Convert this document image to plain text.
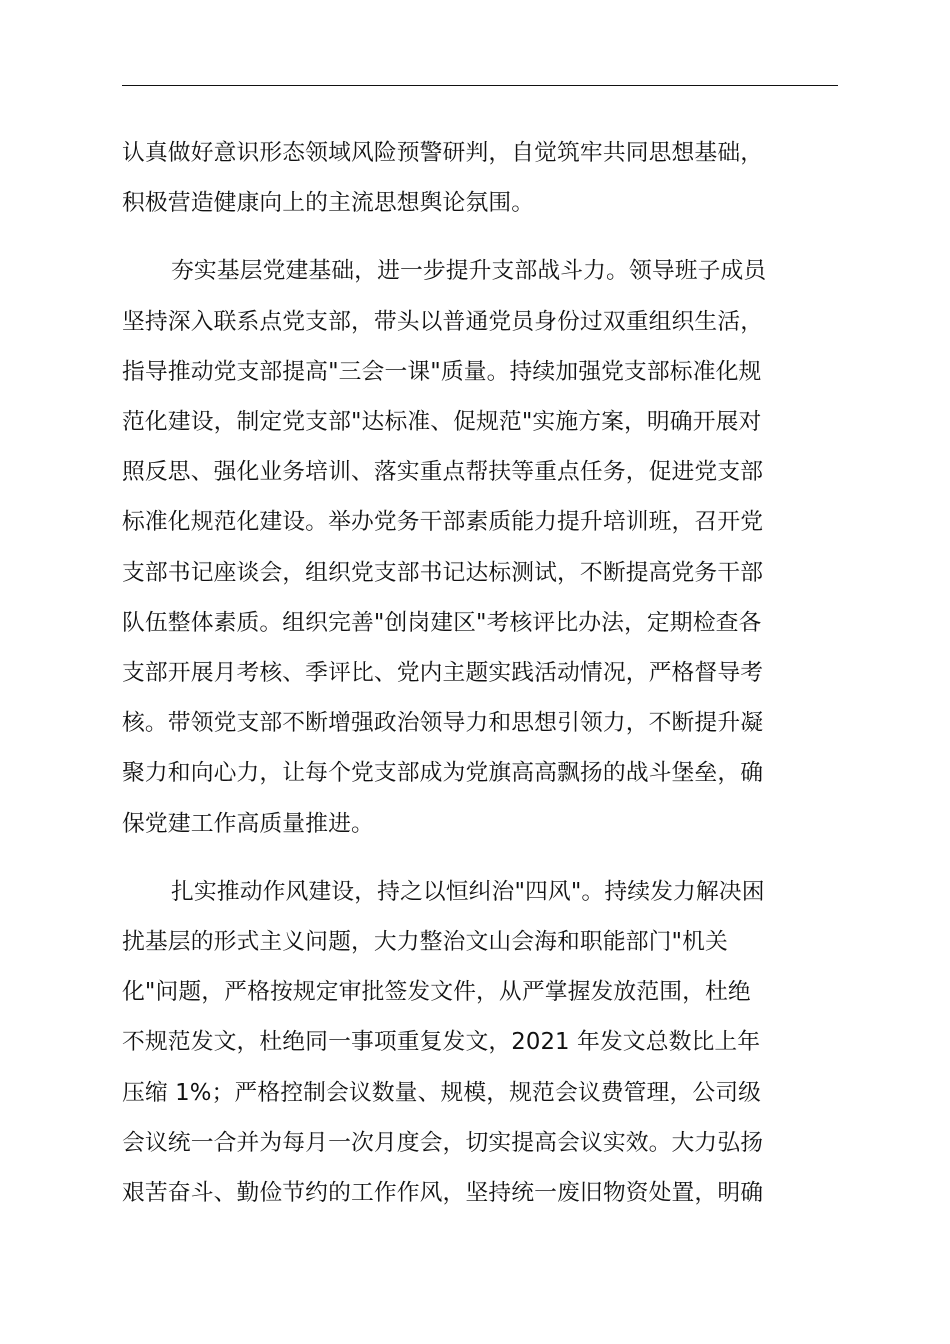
认真做好意识形态领域风险预警研判，自觉筑牢共同思想基础，
积极营造健康向上的主流思想舆论氛围。

夯实基层党建基础，进一步提升支部战斗力。领导班子成员
坚持深入联系点党支部，带头以普通党员身份过双重组织生活，
指导推动党支部提高"三会一课"质量。持续加强党支部标准化规
范化建设，制定党支部"达标准、促规范"实施方案，明确开展对
照反思、强化业务培训、落实重点帮扶等重点任务，促进党支部
标准化规范化建设。举办党务干部素质能力提升培训班，召开党
支部书记座谈会，组织党支部书记达标测试，不断提高党务干部
队伍整体素质。组织完善"创岗建区"考核评比办法，定期检查各
支部开展月考核、季评比、党内主题实践活动情况，严格督导考
核。带领党支部不断增强政治领导力和思想引领力，不断提升凝
聚力和向心力，让每个党支部成为党旗高高飘扬的战斗堡垒，确
保党建工作高质量推进。

扎实推动作风建设，持之以恒纠治"四风"。持续发力解决困
扰基层的形式主义问题，大力整治文山会海和职能部门"机关
化"问题，严格按规定审批签发文件，从严掌握发放范围，杜绝
不规范发文，杜绝同一事项重复发文，2021 年发文总数比上年
压缩 1%；严格控制会议数量、规模，规范会议费管理，公司级
会议统一合并为每月一次月度会，切实提高会议实效。大力弘扬
艰苦奋斗、勤俭节约的工作作风，坚持统一废旧物资处置，明确
